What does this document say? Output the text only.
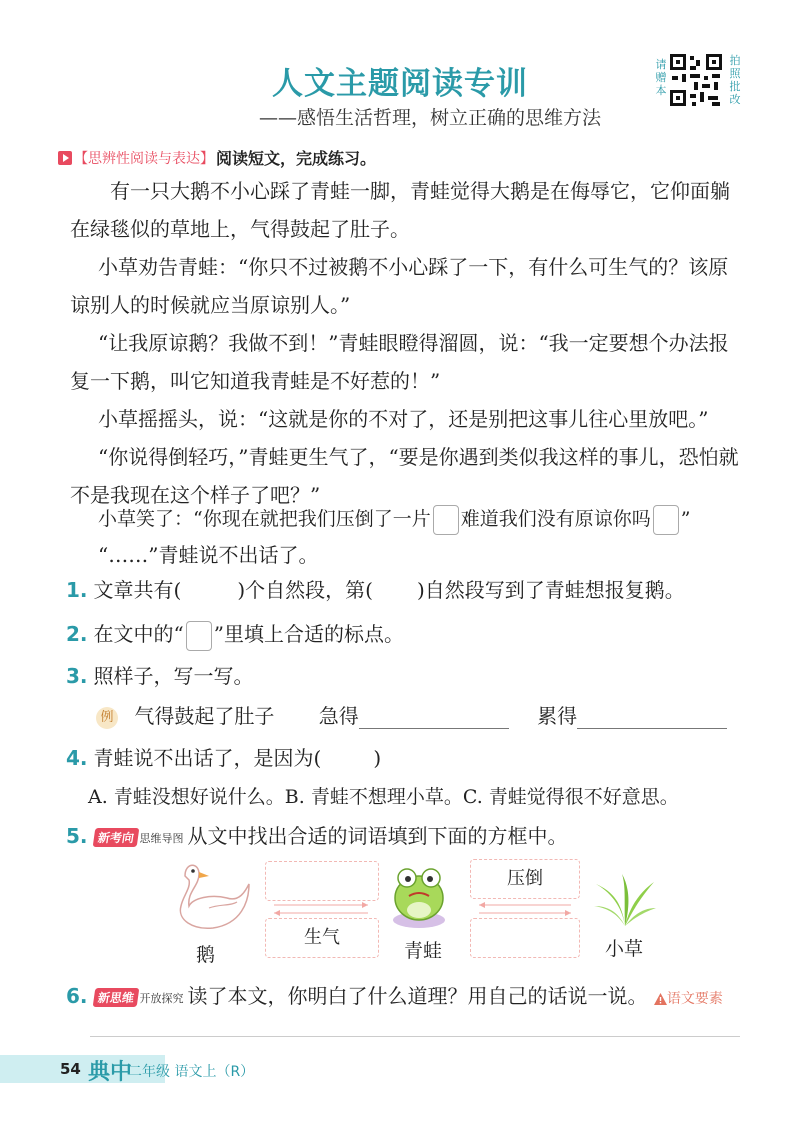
人文主题阅读专训
——感悟生活哲理，树立正确的思维方法
请赠本
拍照批改
【思辨性阅读与表达】 阅读短文，完成练习。
有一只大鹅不小心踩了青蛙一脚，青蛙觉得大鹅是在侮辱它，它仰面躺在绿毯似的草地上，气得鼓起了肚子。
小草劝告青蛙：“你只不过被鹅不小心踩了一下，有什么可生气的？该原谅别人的时候就应当原谅别人。”
“让我原谅鹅？我做不到！”青蛙眼瞪得溜圆，说：“我一定要想个办法报复一下鹅，叫它知道我青蛙是不好惹的！”
小草摇摇头，说：“这就是你的不对了，还是别把这事儿往心里放吧。”
“你说得倒轻巧，”青蛙更生气了，“要是你遇到类似我这样的事儿，恐怕就不是我现在这个样子了吧？”
小草笑了：“你现在就把我们压倒了一片 难道我们没有原谅你吗 ”
“……”青蛙说不出话了。
1. 文章共有(	)个自然段，第( )自然段写到了青蛙想报复鹅。
2. 在文中的“ ”里填上合适的标点。
3. 照样子，写一写。
例 气得鼓起了肚子 急得	累得
4. 青蛙说不出话了，是因为(	)
A. 青蛙没想好说什么。B. 青蛙不想理小草。C. 青蛙觉得很不好意思。
5. 新考向 思维导图 从文中找出合适的词语填到下面的方框中。
鹅
生气
青蛙
压倒
小草
6. 新思维 开放探究 读了本文，你明白了什么道理？用自己的话说一说。 语文要素
54 典中
二年级 语文上（R）
